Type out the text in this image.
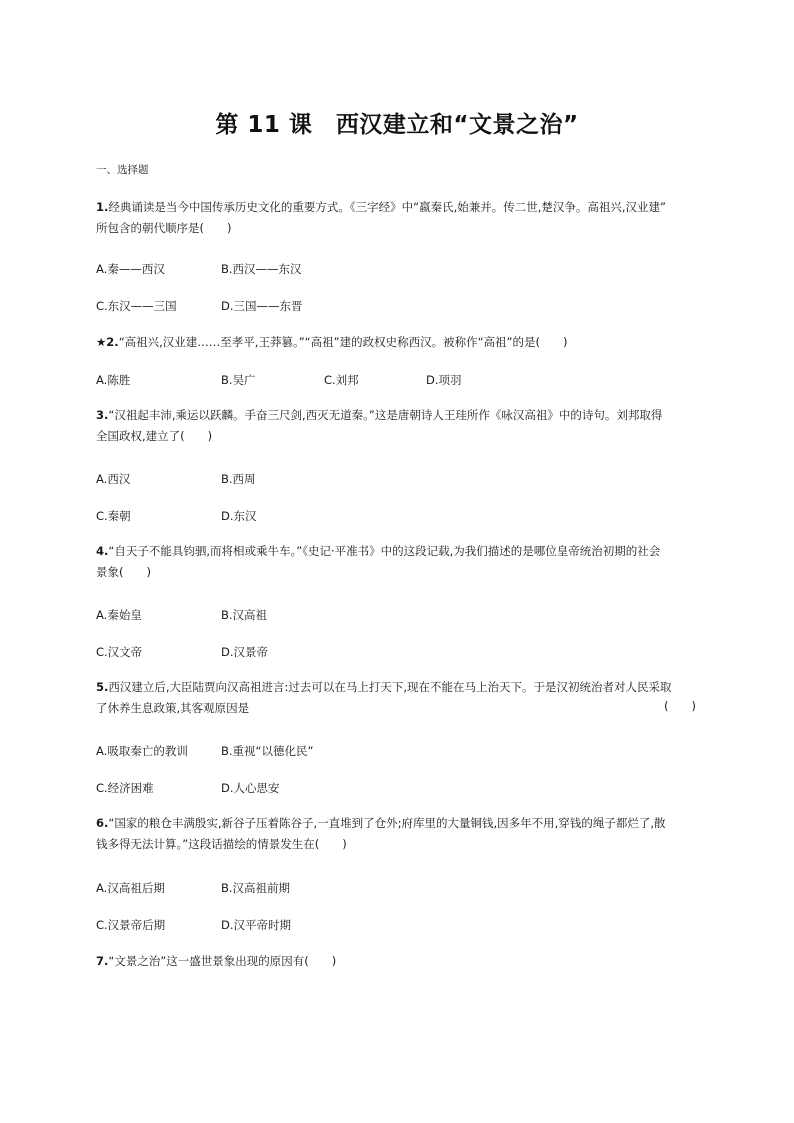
第 11 课　西汉建立和“文景之治”
一、选择题
1.经典诵读是当今中国传承历史文化的重要方式。《三字经》中“嬴秦氏,始兼并。传二世,楚汉争。高祖兴,汉业建”
所包含的朝代顺序是(　　)
A.秦——西汉	B.西汉——东汉
C.东汉——三国	D.三国——东晋
★2.“高祖兴,汉业建……至孝平,王莽篡。”“高祖”建的政权史称西汉。被称作“高祖”的是(　　)
A.陈胜	B.吴广	C.刘邦	D.项羽
3.“汉祖起丰沛,乘运以跃麟。手奋三尺剑,西灭无道秦。”这是唐朝诗人王珪所作《咏汉高祖》中的诗句。刘邦取得
全国政权,建立了(　　)
A.西汉	B.西周
C.秦朝	D.东汉
4.“自天子不能具钧驷,而将相或乘牛车。”《史记·平准书》中的这段记载,为我们描述的是哪位皇帝统治初期的社会
景象(　　)
A.秦始皇	B.汉高祖
C.汉文帝	D.汉景帝
5.西汉建立后,大臣陆贾向汉高祖进言:过去可以在马上打天下,现在不能在马上治天下。于是汉初统治者对人民采取
了休养生息政策,其客观原因是	(　　)
A.吸取秦亡的教训	B.重视“以德化民”
C.经济困难	D.人心思安
6.“国家的粮仓丰满殷实,新谷子压着陈谷子,一直堆到了仓外;府库里的大量铜钱,因多年不用,穿钱的绳子都烂了,散
钱多得无法计算。”这段话描绘的情景发生在(　　)
A.汉高祖后期	B.汉高祖前期
C.汉景帝后期	D.汉平帝时期
7.“文景之治”这一盛世景象出现的原因有(　　)
